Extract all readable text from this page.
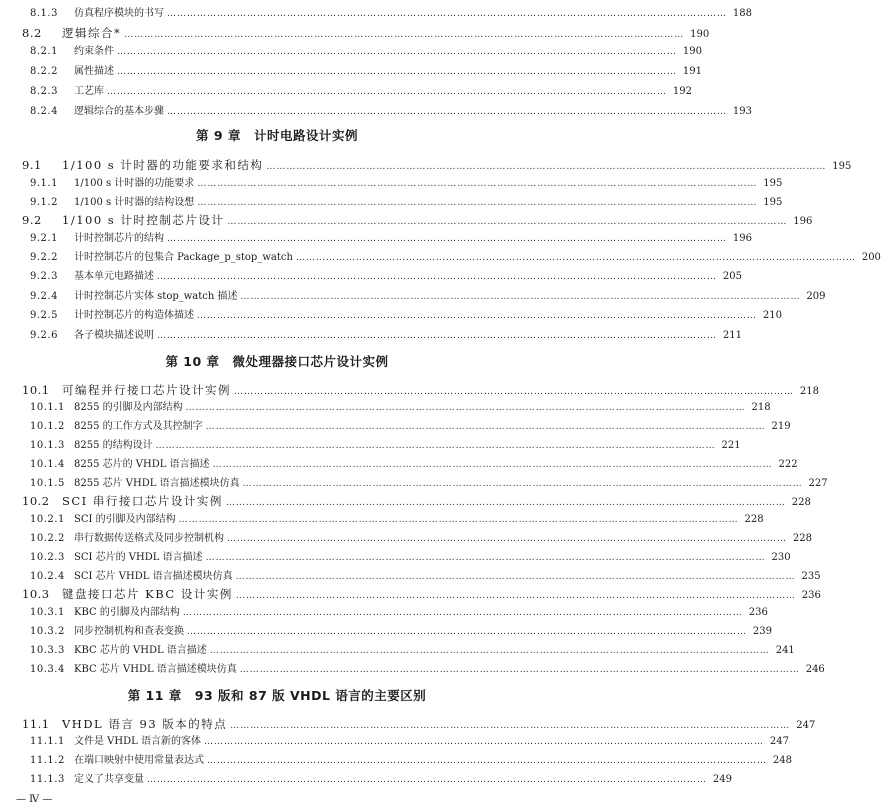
8.1.3	仿真程序模块的书写 …………………………………………………………………………………………………………………………………………………… 188
8.2	逻辑综合* …………………………………………………………………………………………………………………………………………………… 190
8.2.1	约束条件 …………………………………………………………………………………………………………………………………………………… 190
8.2.2	属性描述 …………………………………………………………………………………………………………………………………………………… 191
8.2.3	工艺库 …………………………………………………………………………………………………………………………………………………… 192
8.2.4	逻辑综合的基本步骤 …………………………………………………………………………………………………………………………………………………… 193
第 9 章　计时电路设计实例
9.1	1/100 s 计时器的功能要求和结构 …………………………………………………………………………………………………………………………………………………… 195
9.1.1	1/100 s 计时器的功能要求 …………………………………………………………………………………………………………………………………………………… 195
9.1.2	1/100 s 计时器的结构设想 …………………………………………………………………………………………………………………………………………………… 195
9.2	1/100 s 计时控制芯片设计 …………………………………………………………………………………………………………………………………………………… 196
9.2.1	计时控制芯片的结构 …………………………………………………………………………………………………………………………………………………… 196
9.2.2	计时控制芯片的包集合 Package_p_stop_watch …………………………………………………………………………………………………………………………………………………… 200
9.2.3	基本单元电路描述 …………………………………………………………………………………………………………………………………………………… 205
9.2.4	计时控制芯片实体 stop_watch 描述 …………………………………………………………………………………………………………………………………………………… 209
9.2.5	计时控制芯片的构造体描述 …………………………………………………………………………………………………………………………………………………… 210
9.2.6	各子模块描述说明 …………………………………………………………………………………………………………………………………………………… 211
第 10 章　微处理器接口芯片设计实例
10.1	可编程并行接口芯片设计实例 …………………………………………………………………………………………………………………………………………………… 218
10.1.1 8255 的引脚及内部结构 …………………………………………………………………………………………………………………………………………………… 218
10.1.2 8255 的工作方式及其控制字 …………………………………………………………………………………………………………………………………………………… 219
10.1.3 8255 的结构设计 …………………………………………………………………………………………………………………………………………………… 221
10.1.4 8255 芯片的 VHDL 语言描述 …………………………………………………………………………………………………………………………………………………… 222
10.1.5 8255 芯片 VHDL 语言描述模块仿真 …………………………………………………………………………………………………………………………………………………… 227
10.2	SCI 串行接口芯片设计实例 …………………………………………………………………………………………………………………………………………………… 228
10.2.1 SCI 的引脚及内部结构 …………………………………………………………………………………………………………………………………………………… 228
10.2.2 串行数据传送格式及同步控制机构 …………………………………………………………………………………………………………………………………………………… 228
10.2.3 SCI 芯片的 VHDL 语言描述 …………………………………………………………………………………………………………………………………………………… 230
10.2.4 SCI 芯片 VHDL 语言描述模块仿真 …………………………………………………………………………………………………………………………………………………… 235
10.3	键盘接口芯片 KBC 设计实例 …………………………………………………………………………………………………………………………………………………… 236
10.3.1 KBC 的引脚及内部结构 …………………………………………………………………………………………………………………………………………………… 236
10.3.2 同步控制机构和查表变换 …………………………………………………………………………………………………………………………………………………… 239
10.3.3 KBC 芯片的 VHDL 语言描述 …………………………………………………………………………………………………………………………………………………… 241
10.3.4 KBC 芯片 VHDL 语言描述模块仿真 …………………………………………………………………………………………………………………………………………………… 246
第 11 章　93 版和 87 版 VHDL 语言的主要区别
11.1	VHDL 语言 93 版本的特点 …………………………………………………………………………………………………………………………………………………… 247
11.1.1 文件是 VHDL 语言新的客体 …………………………………………………………………………………………………………………………………………………… 247
11.1.2 在端口映射中使用常量表达式 …………………………………………………………………………………………………………………………………………………… 248
11.1.3 定义了共享变量 …………………………………………………………………………………………………………………………………………………… 249
— Ⅳ —
